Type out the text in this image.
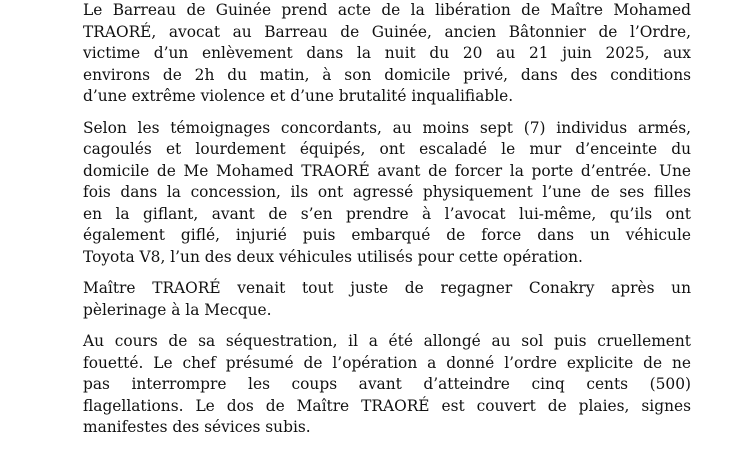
Le Barreau de Guinée prend acte de la libération de Maître Mohamed
TRAORÉ, avocat au Barreau de Guinée, ancien Bâtonnier de l’Ordre,
victime d’un enlèvement dans la nuit du 20 au 21 juin 2025, aux
environs de 2h du matin, à son domicile privé, dans des conditions
d’une extrême violence et d’une brutalité inqualifiable.

Selon les témoignages concordants, au moins sept (7) individus armés,
cagoulés et lourdement équipés, ont escaladé le mur d’enceinte du
domicile de Me Mohamed TRAORÉ avant de forcer la porte d’entrée. Une
fois dans la concession, ils ont agressé physiquement l’une de ses filles
en la giflant, avant de s’en prendre à l’avocat lui-même, qu’ils ont
également giflé, injurié puis embarqué de force dans un véhicule
Toyota V8, l’un des deux véhicules utilisés pour cette opération.

Maître TRAORÉ venait tout juste de regagner Conakry après un
pèlerinage à la Mecque.

Au cours de sa séquestration, il a été allongé au sol puis cruellement
fouetté. Le chef présumé de l’opération a donné l’ordre explicite de ne
pas interrompre les coups avant d’atteindre cinq cents (500)
flagellations. Le dos de Maître TRAORÉ est couvert de plaies, signes
manifestes des sévices subis.
